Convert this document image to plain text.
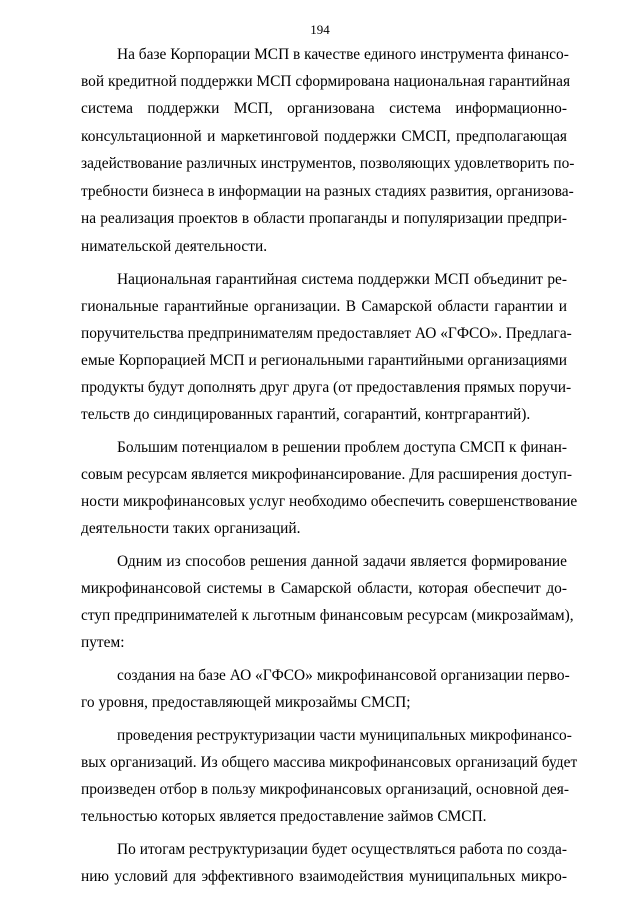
194
На базе Корпорации МСП в качестве единого инструмента финансо-
вой кредитной поддержки МСП сформирована национальная гарантийная
система поддержки МСП, организована система информационно-
консультационной и маркетинговой поддержки СМСП, предполагающая
задействование различных инструментов, позволяющих удовлетворить по-
требности бизнеса в информации на разных стадиях развития, организова-
на реализация проектов в области пропаганды и популяризации предпри-
нимательской деятельности.
Национальная гарантийная система поддержки МСП объединит ре-
гиональные гарантийные организации. В Самарской области гарантии и
поручительства предпринимателям предоставляет АО «ГФСО». Предлага-
емые Корпорацией МСП и региональными гарантийными организациями
продукты будут дополнять друг друга (от предоставления прямых поручи-
тельств до синдицированных гарантий, согарантий, контргарантий).
Большим потенциалом в решении проблем доступа СМСП к финан-
совым ресурсам является микрофинансирование. Для расширения доступ-
ности микрофинансовых услуг необходимо обеспечить совершенствование
деятельности таких организаций.
Одним из способов решения данной задачи является формирование
микрофинансовой системы в Самарской области, которая обеспечит до-
ступ предпринимателей к льготным финансовым ресурсам (микрозаймам),
путем:
создания на базе АО «ГФСО» микрофинансовой организации перво-
го уровня, предоставляющей микрозаймы СМСП;
проведения реструктуризации части муниципальных микрофинансо-
вых организаций. Из общего массива микрофинансовых организаций будет
произведен отбор в пользу микрофинансовых организаций, основной дея-
тельностью которых является предоставление займов СМСП.
По итогам реструктуризации будет осуществляться работа по созда-
нию условий для эффективного взаимодействия муниципальных микро-
